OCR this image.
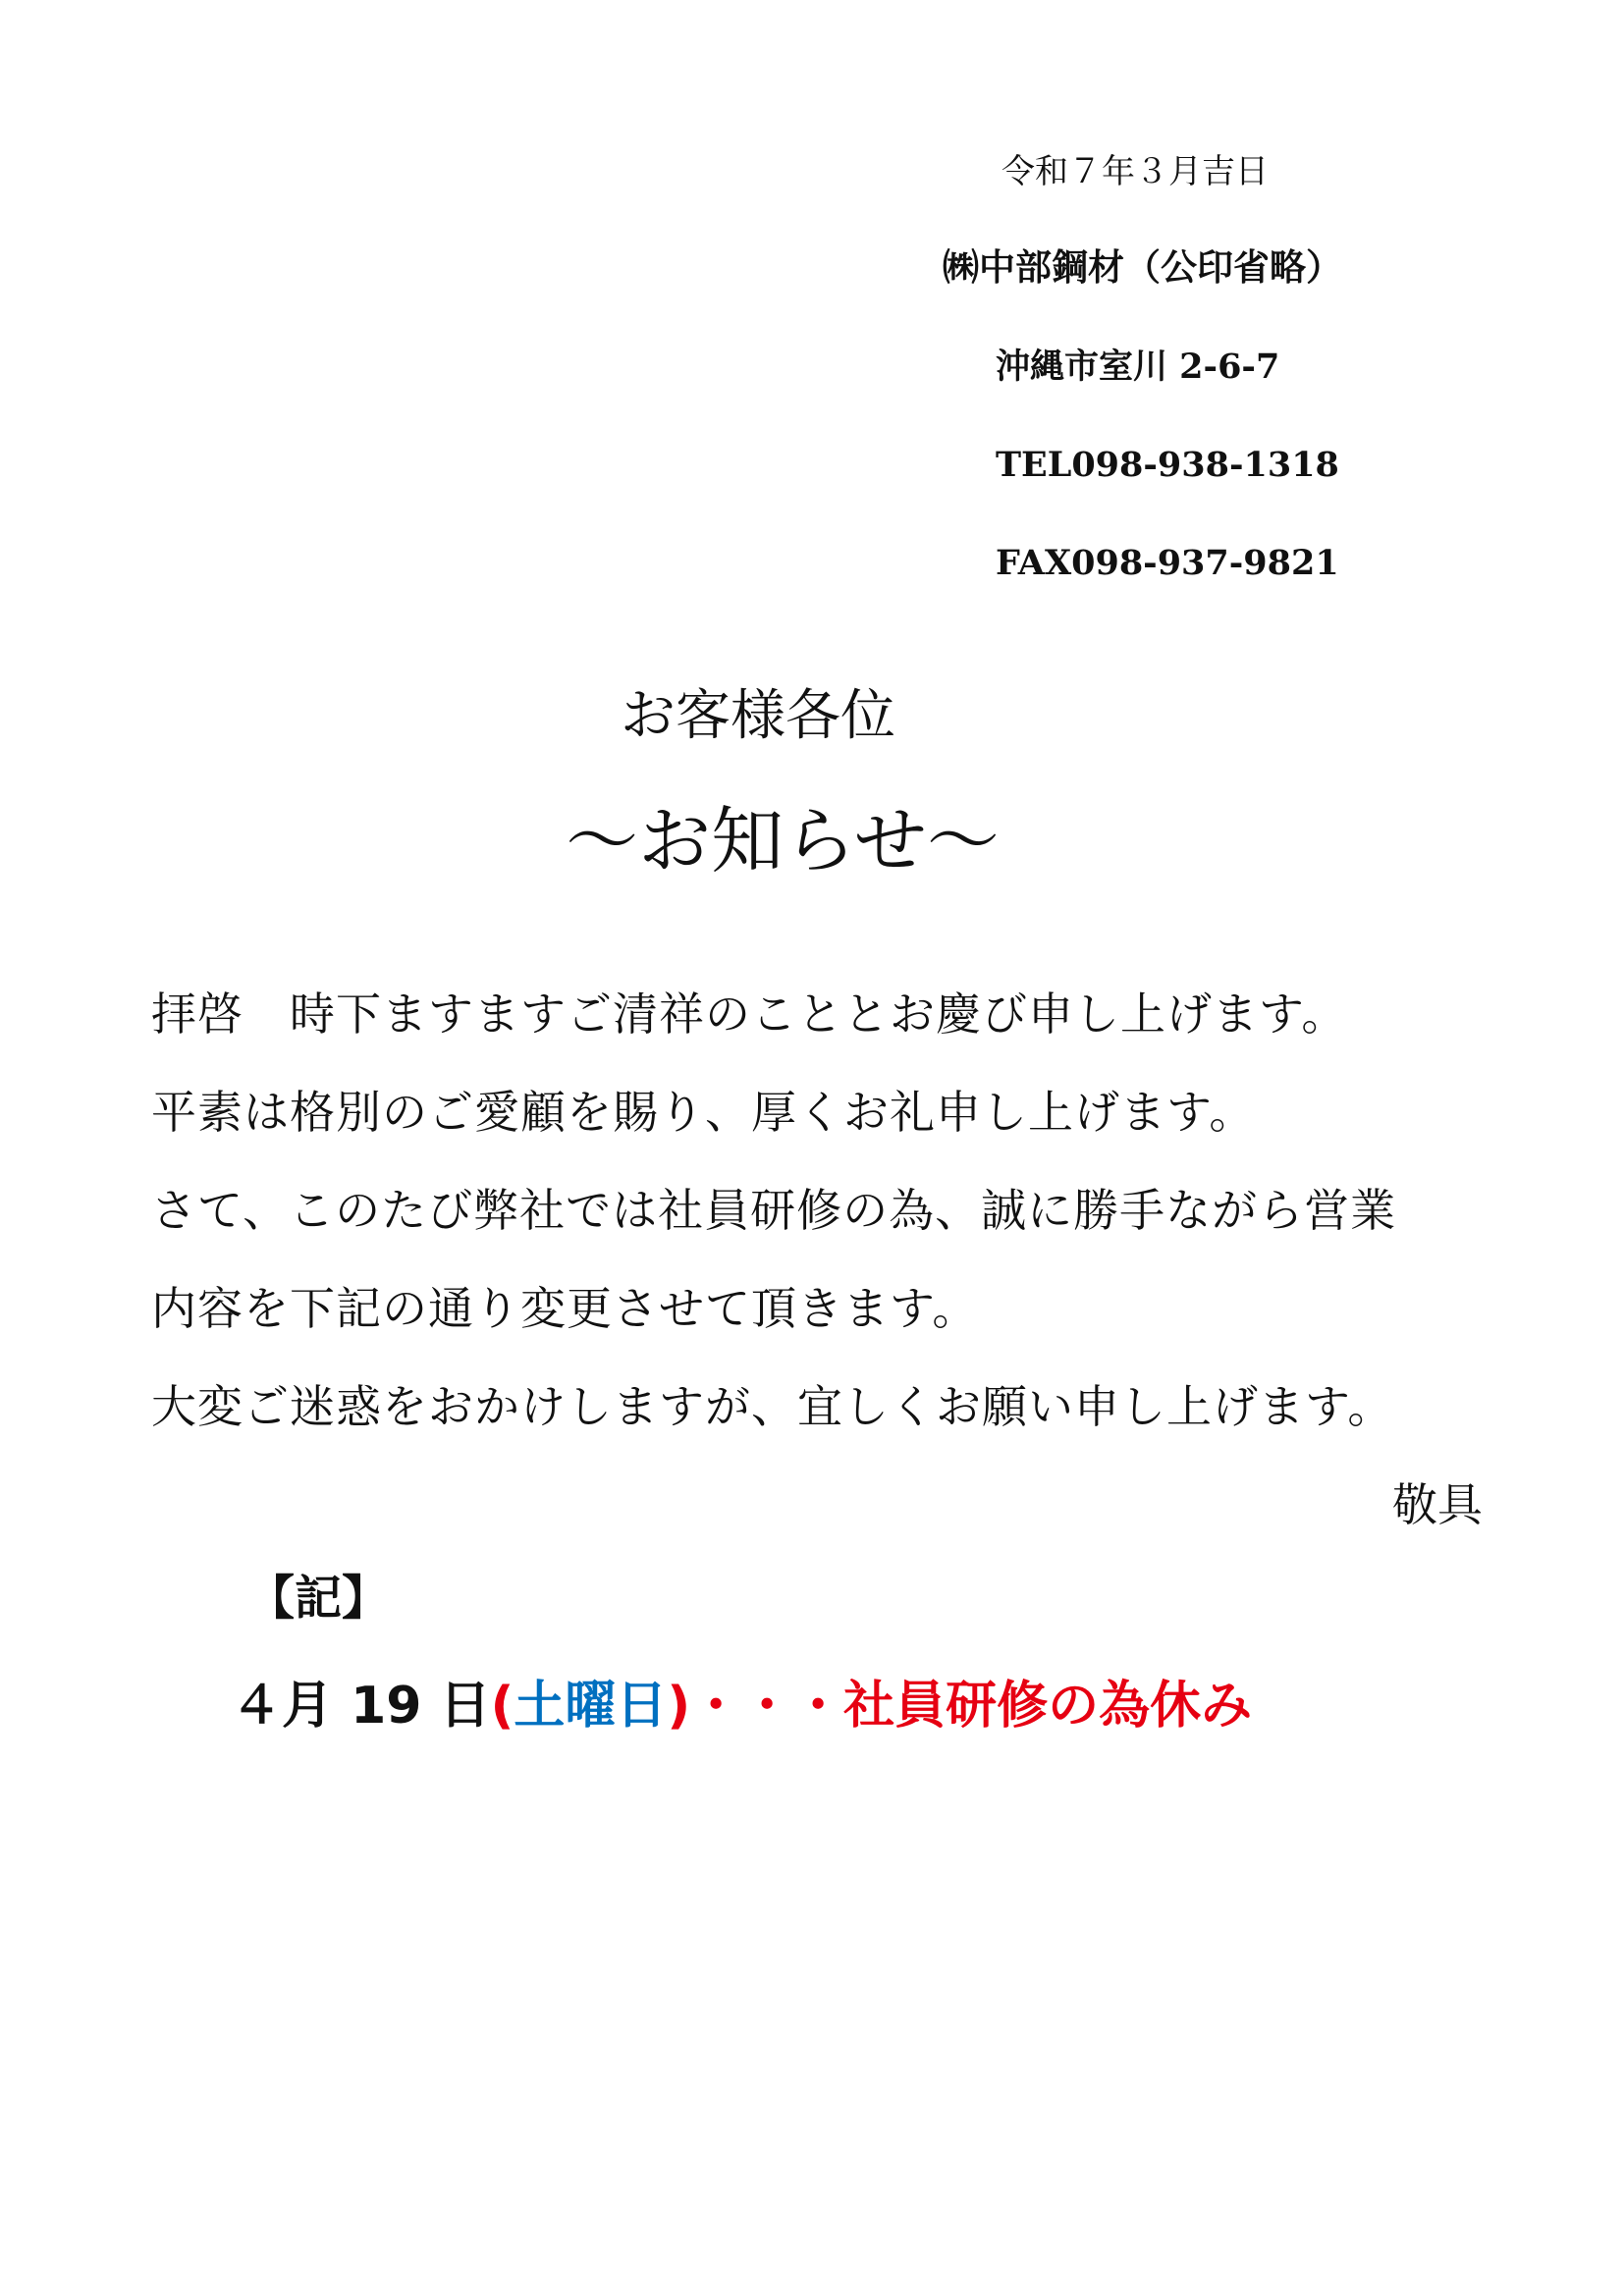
令和７年３月吉日
㈱中部鋼材（公印省略）
沖縄市室川 2-6-7
TEL098-938-1318
FAX098-937-9821
お客様各位
～お知らせ～
拝啓　時下ますますご清祥のこととお慶び申し上げます。
平素は格別のご愛顧を賜り、厚くお礼申し上げます。
さて、このたび弊社では社員研修の為、誠に勝手ながら営業
内容を下記の通り変更させて頂きます。
大変ご迷惑をおかけしますが、宜しくお願い申し上げます。
敬具
【記】
４月 19 日(土曜日)・・・社員研修の為休み
